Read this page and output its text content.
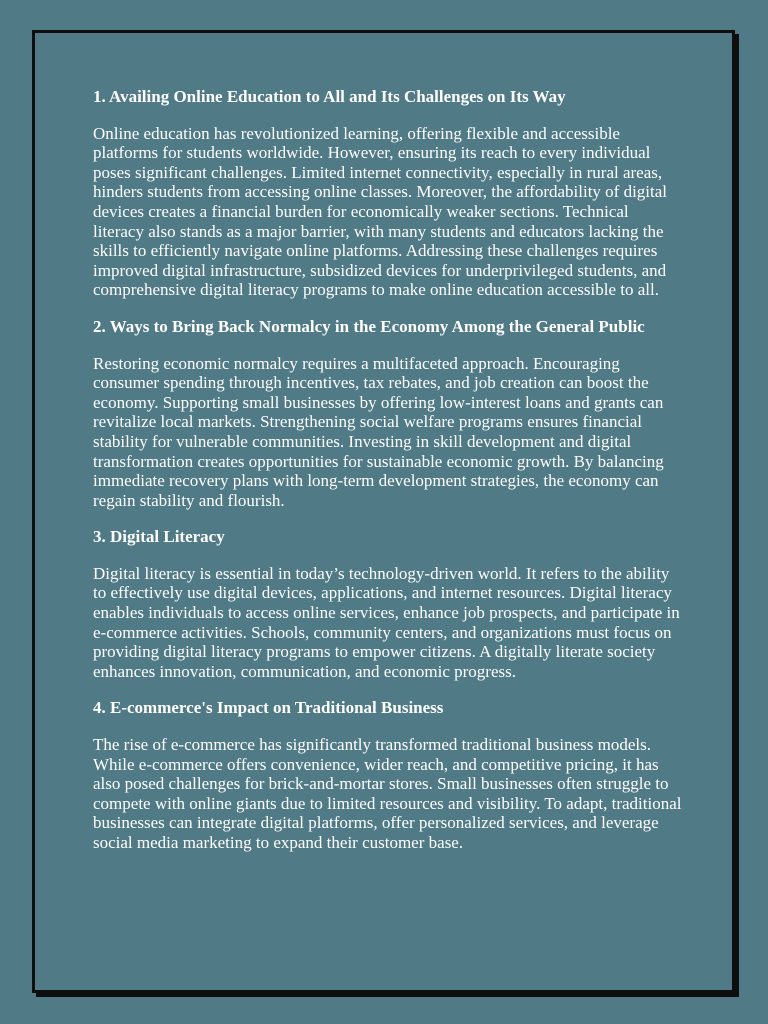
1. Availing Online Education to All and Its Challenges on Its Way

Online education has revolutionized learning, offering flexible and accessible platforms for students worldwide. However, ensuring its reach to every individual poses significant challenges. Limited internet connectivity, especially in rural areas, hinders students from accessing online classes. Moreover, the affordability of digital devices creates a financial burden for economically weaker sections. Technical literacy also stands as a major barrier, with many students and educators lacking the skills to efficiently navigate online platforms. Addressing these challenges requires improved digital infrastructure, subsidized devices for underprivileged students, and comprehensive digital literacy programs to make online education accessible to all.

2. Ways to Bring Back Normalcy in the Economy Among the General Public

Restoring economic normalcy requires a multifaceted approach. Encouraging consumer spending through incentives, tax rebates, and job creation can boost the economy. Supporting small businesses by offering low-interest loans and grants can revitalize local markets. Strengthening social welfare programs ensures financial stability for vulnerable communities. Investing in skill development and digital transformation creates opportunities for sustainable economic growth. By balancing immediate recovery plans with long-term development strategies, the economy can regain stability and flourish.

3. Digital Literacy

Digital literacy is essential in today’s technology-driven world. It refers to the ability to effectively use digital devices, applications, and internet resources. Digital literacy enables individuals to access online services, enhance job prospects, and participate in e-commerce activities. Schools, community centers, and organizations must focus on providing digital literacy programs to empower citizens. A digitally literate society enhances innovation, communication, and economic progress.

4. E-commerce's Impact on Traditional Business

The rise of e-commerce has significantly transformed traditional business models. While e-commerce offers convenience, wider reach, and competitive pricing, it has also posed challenges for brick-and-mortar stores. Small businesses often struggle to compete with online giants due to limited resources and visibility. To adapt, traditional businesses can integrate digital platforms, offer personalized services, and leverage social media marketing to expand their customer base.
